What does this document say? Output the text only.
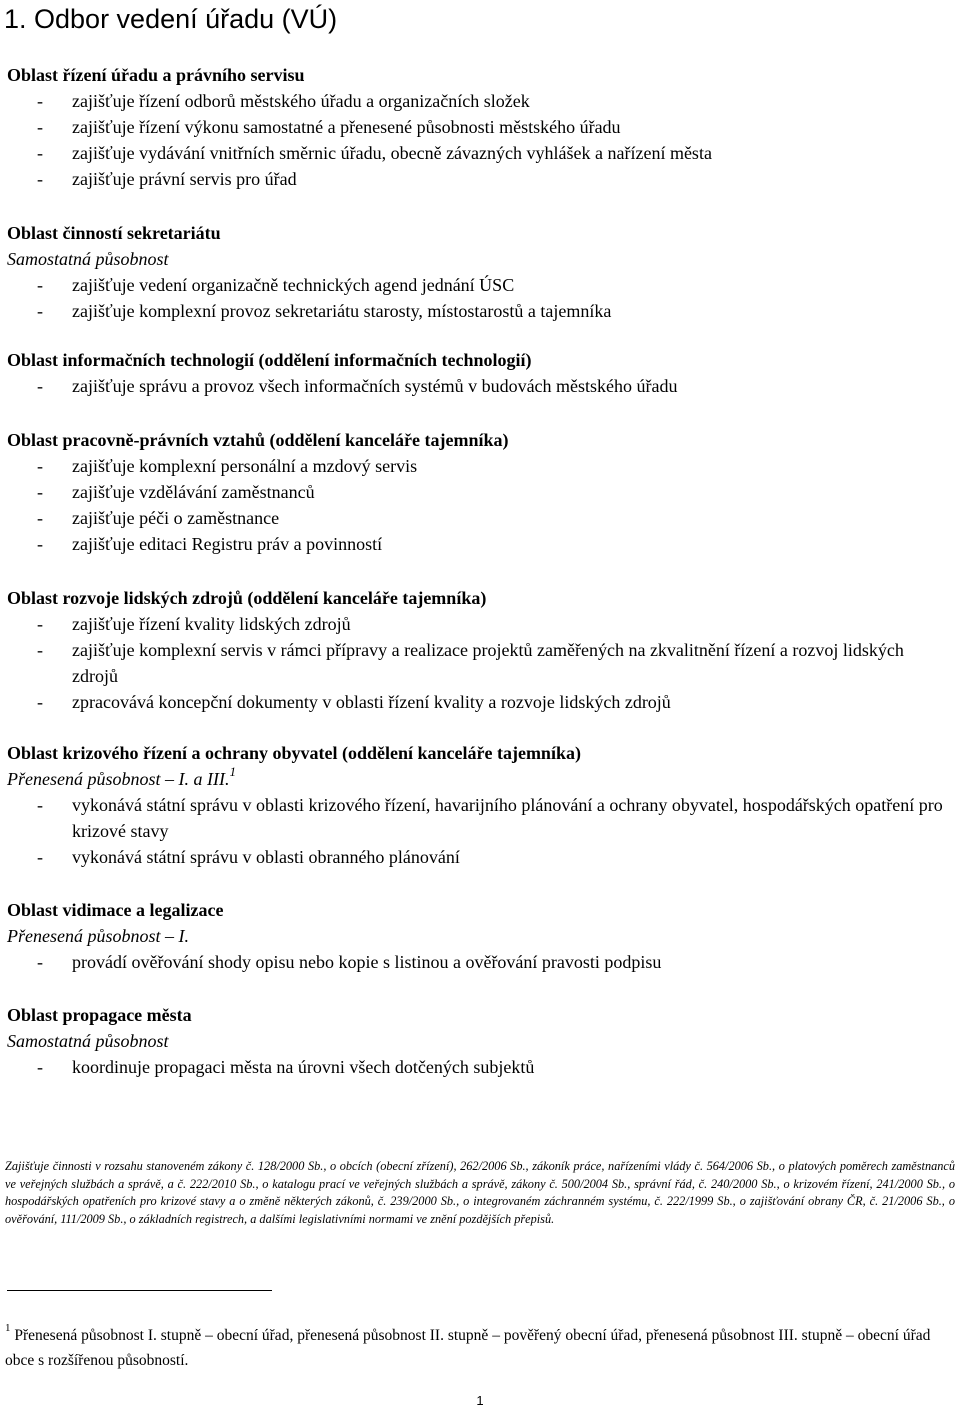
1. Odbor vedení úřadu (VÚ)
Oblast řízení úřadu a právního servisu
- zajišťuje řízení odborů městského úřadu a organizačních složek
- zajišťuje řízení výkonu samostatné a přenesené působnosti městského úřadu
- zajišťuje vydávání vnitřních směrnic úřadu, obecně závazných vyhlášek a nařízení města
- zajišťuje právní servis pro úřad
Oblast činností sekretariátu
Samostatná působnost
- zajišťuje vedení organizačně technických agend jednání ÚSC
- zajišťuje komplexní provoz sekretariátu starosty, místostarostů a tajemníka
Oblast informačních technologií (oddělení informačních technologií)
- zajišťuje správu a provoz všech informačních systémů v budovách městského úřadu
Oblast pracovně-právních vztahů (oddělení kanceláře tajemníka)
- zajišťuje komplexní personální a mzdový servis
- zajišťuje vzdělávání zaměstnanců
- zajišťuje péči o zaměstnance
- zajišťuje editaci Registru práv a povinností
Oblast rozvoje lidských zdrojů (oddělení kanceláře tajemníka)
- zajišťuje řízení kvality lidských zdrojů
- zajišťuje komplexní servis v rámci přípravy a realizace projektů zaměřených na zkvalitnění řízení a rozvoj lidských zdrojů
- zpracovává koncepční dokumenty v oblasti řízení kvality a rozvoje lidských zdrojů
Oblast krizového řízení a ochrany obyvatel (oddělení kanceláře tajemníka)
Přenesená působnost – I. a III.$^1$
- vykonává státní správu v oblasti krizového řízení, havarijního plánování a ochrany obyvatel, hospodářských opatření pro krizové stavy
- vykonává státní správu v oblasti obranného plánování
Oblast vidimace a legalizace
Přenesená působnost – I.
- provádí ověřování shody opisu nebo kopie s listinou a ověřování pravosti podpisu
Oblast propagace města
Samostatná působnost
- koordinuje propagaci města na úrovni všech dotčených subjektů
Zajišťuje činnosti v rozsahu stanoveném zákony č. 128/2000 Sb., o obcích (obecní zřízení), 262/2006 Sb., zákoník práce, nařízeními vlády č. 564/2006 Sb., o platových poměrech zaměstnanců ve veřejných službách a správě, a č. 222/2010 Sb., o katalogu prací ve veřejných službách a správě, zákony č. 500/2004 Sb., správní řád, č. 240/2000 Sb., o krizovém řízení, 241/2000 Sb., o hospodářských opatřeních pro krizové stavy a o změně některých zákonů, č. 239/2000 Sb., o integrovaném záchranném systému, č. 222/1999 Sb., o zajišťování obrany ČR, č. 21/2006 Sb., o ověřování, 111/2009 Sb., o základních registrech, a dalšími legislativními normami ve znění pozdějších přepisů.
$^1$ Přenesená působnost I. stupně – obecní úřad, přenesená působnost II. stupně – pověřený obecní úřad, přenesená působnost III. stupně – obecní úřad obce s rozšířenou působností.
1
